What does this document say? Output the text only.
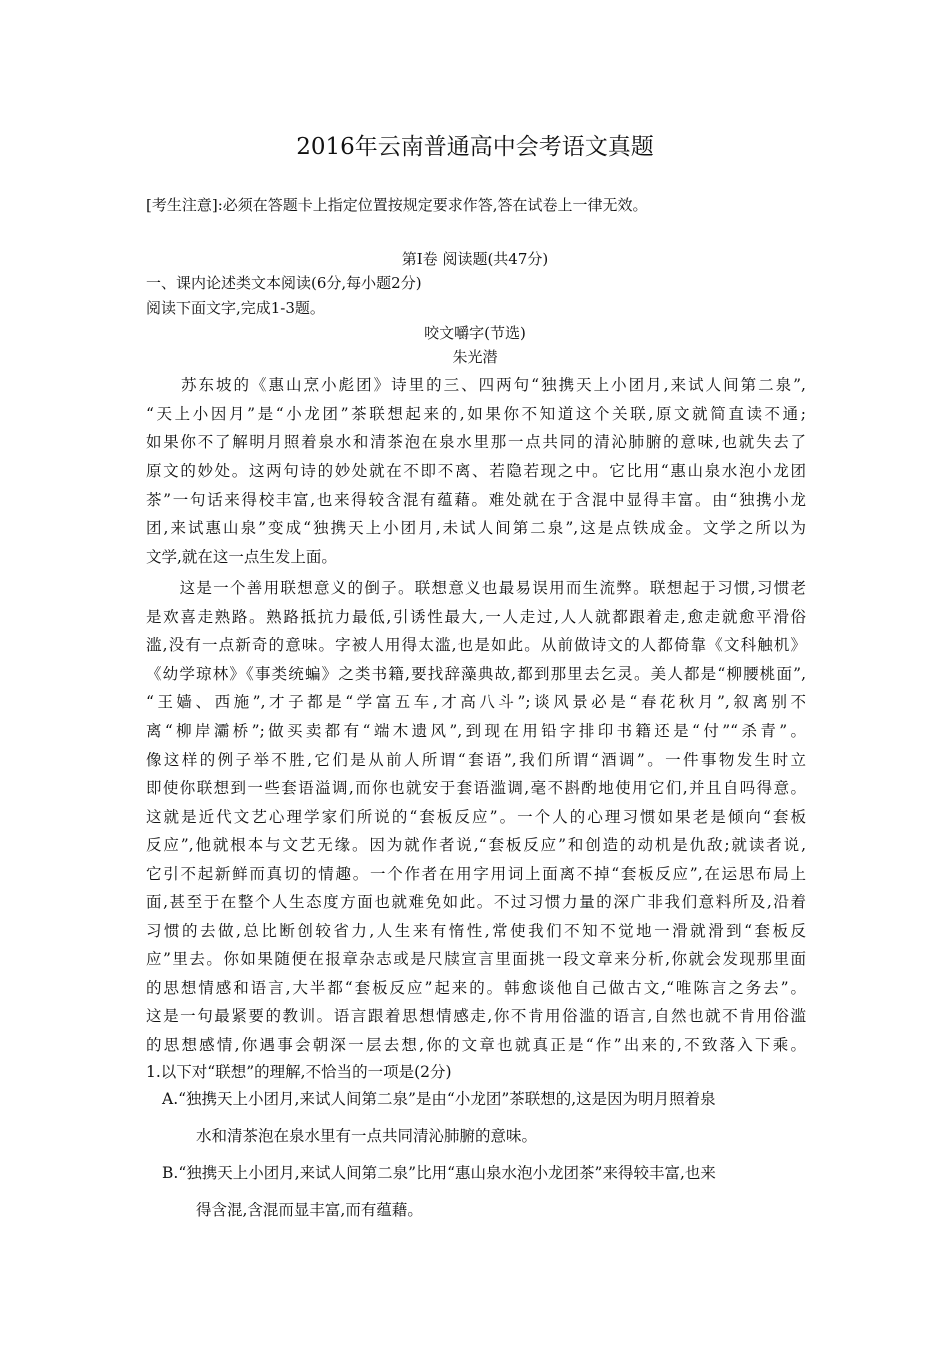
2016年云南普通高中会考语文真题
[考生注意]:必须在答题卡上指定位置按规定要求作答,答在试卷上一律无效。
第Ⅰ卷 阅读题(共47分)
一、课内论述类文本阅读(6分,每小题2分)
阅读下面文字,完成1-3题。
咬文嚼字(节选)
朱光潜
　　苏东坡的《惠山烹小彪团》诗里的三、四两句“独携天上小团月,来试人间第二泉”,
“天上小因月”是“小龙团”茶联想起来的,如果你不知道这个关联,原文就简直读不通;
如果你不了解明月照着泉水和清茶泡在泉水里那一点共同的清沁肺腑的意味,也就失去了
原文的妙处。这两句诗的妙处就在不即不离、若隐若现之中。它比用“惠山泉水泡小龙团
茶”一句话来得校丰富,也来得较含混有蕴藉。难处就在于含混中显得丰富。由“独携小龙
团,来试惠山泉”变成“独携天上小团月,未试人间第二泉”,这是点铁成金。文学之所以为
文学,就在这一点生发上面。
　　这是一个善用联想意义的倒子。联想意义也最易误用而生流弊。联想起于习惯,习惯老
是欢喜走熟路。熟路抵抗力最低,引诱性最大,一人走过,人人就都跟着走,愈走就愈平滑俗
滥,没有一点新奇的意味。字被人用得太滥,也是如此。从前做诗文的人都倚靠《文科触机》
《幼学琼林》《事类统蝙》之类书籍,要找辞藻典故,都到那里去乞灵。美人都是“柳腰桃面”,
“王嫱、西施”,才子都是“学富五车,才高八斗”;谈风景必是“春花秋月”,叙离别不
离“柳岸灞桥”;做买卖都有“端木遗风”,到现在用铅字排印书籍还是“付”“杀青”。
像这样的例子举不胜,它们是从前人所谓“套语”,我们所谓“酒调”。一件事物发生时立
即使你联想到一些套语溢调,而你也就安于套语滥调,毫不斟酌地使用它们,并且自吗得意。
这就是近代文艺心理学家们所说的“套板反应”。一个人的心理习惯如果老是倾向“套板
反应”,他就根本与文艺无缘。因为就作者说,“套板反应”和创造的动机是仇敌;就读者说,
它引不起新鲜而真切的情趣。一个作者在用字用词上面离不掉“套板反应”,在运思布局上
面,甚至于在整个人生态度方面也就难免如此。不过习惯力量的深广非我们意料所及,沿着
习惯的去做,总比断创较省力,人生来有惰性,常使我们不知不觉地一滑就滑到“套板反
应”里去。你如果随便在报章杂志或是尺牍宣言里面挑一段文章来分析,你就会发现那里面
的思想情感和语言,大半都“套板反应”起来的。韩愈谈他自己做古文,“唯陈言之务去”。
这是一句最紧要的教训。语言跟着思想情感走,你不肯用俗滥的语言,自然也就不肯用俗滥
的思想感情,你遇事会朝深一层去想,你的文章也就真正是“作”出来的,不致落入下乘。
1.以下对“联想”的理解,不恰当的一项是(2分)
A.“独携天上小团月,来试人间第二泉”是由“小龙团”茶联想的,这是因为明月照着泉
水和清茶泡在泉水里有一点共同清沁肺腑的意味。
B.“独携天上小团月,来试人间第二泉”比用“惠山泉水泡小龙团茶”来得较丰富,也来
得含混,含混而显丰富,而有蕴藉。
